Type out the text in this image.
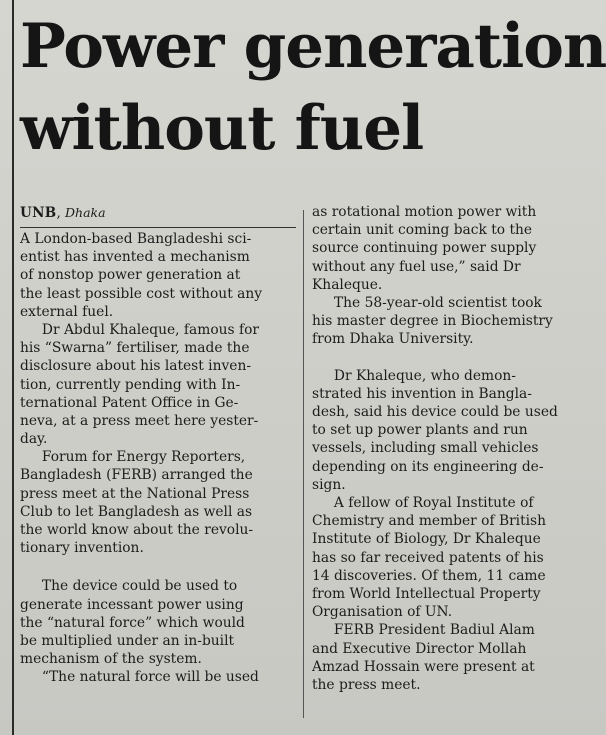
Power generation
without fuel

UNB, Dhaka

A London-based Bangladeshi sci-
entist has invented a mechanism
of nonstop power generation at
the least possible cost without any
external fuel.
Dr Abdul Khaleque, famous for
his “Swarna” fertiliser, made the
disclosure about his latest inven-
tion, currently pending with In-
ternational Patent Office in Ge-
neva, at a press meet here yester-
day.
Forum for Energy Reporters,
Bangladesh (FERB) arranged the
press meet at the National Press
Club to let Bangladesh as well as
the world know about the revolu-
tionary invention.
The device could be used to
generate incessant power using
the “natural force” which would
be multiplied under an in-built
mechanism of the system.
“The natural force will be used
as rotational motion power with
certain unit coming back to the
source continuing power supply
without any fuel use,” said Dr
Khaleque.
The 58-year-old scientist took
his master degree in Biochemistry
from Dhaka University.
Dr Khaleque, who demon-
strated his invention in Bangla-
desh, said his device could be used
to set up power plants and run
vessels, including small vehicles
depending on its engineering de-
sign.
A fellow of Royal Institute of
Chemistry and member of British
Institute of Biology, Dr Khaleque
has so far received patents of his
14 discoveries. Of them, 11 came
from World Intellectual Property
Organisation of UN.
FERB President Badiul Alam
and Executive Director Mollah
Amzad Hossain were present at
the press meet.
